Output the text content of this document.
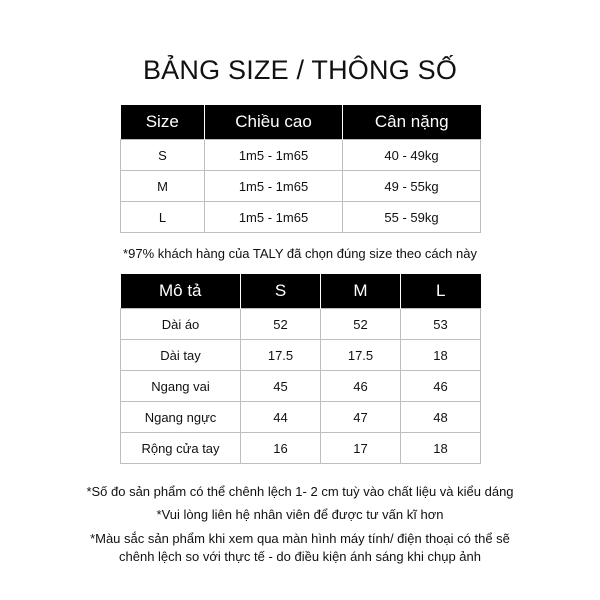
BẢNG SIZE / THÔNG SỐ
Size	Chiều cao	Cân nặng
S	1m5 - 1m65	40 - 49kg
M	1m5 - 1m65	49 - 55kg
L	1m5 - 1m65	55 - 59kg
*97% khách hàng của TALY đã chọn đúng size theo cách này
Mô tả	S	M	L
Dài áo	52	52	53
Dài tay	17.5	17.5	18
Ngang vai	45	46	46
Ngang ngực	44	47	48
Rộng cửa tay	16	17	18
*Số đo sản phẩm có thể chênh lệch 1- 2 cm tuỳ vào chất liệu và kiểu dáng
*Vui lòng liên hệ nhân viên để được tư vấn kĩ hơn
*Màu sắc sản phẩm khi xem qua màn hình máy tính/ điện thoại có thể sẽ
chênh lệch so với thực tế - do điều kiện ánh sáng khi chụp ảnh
